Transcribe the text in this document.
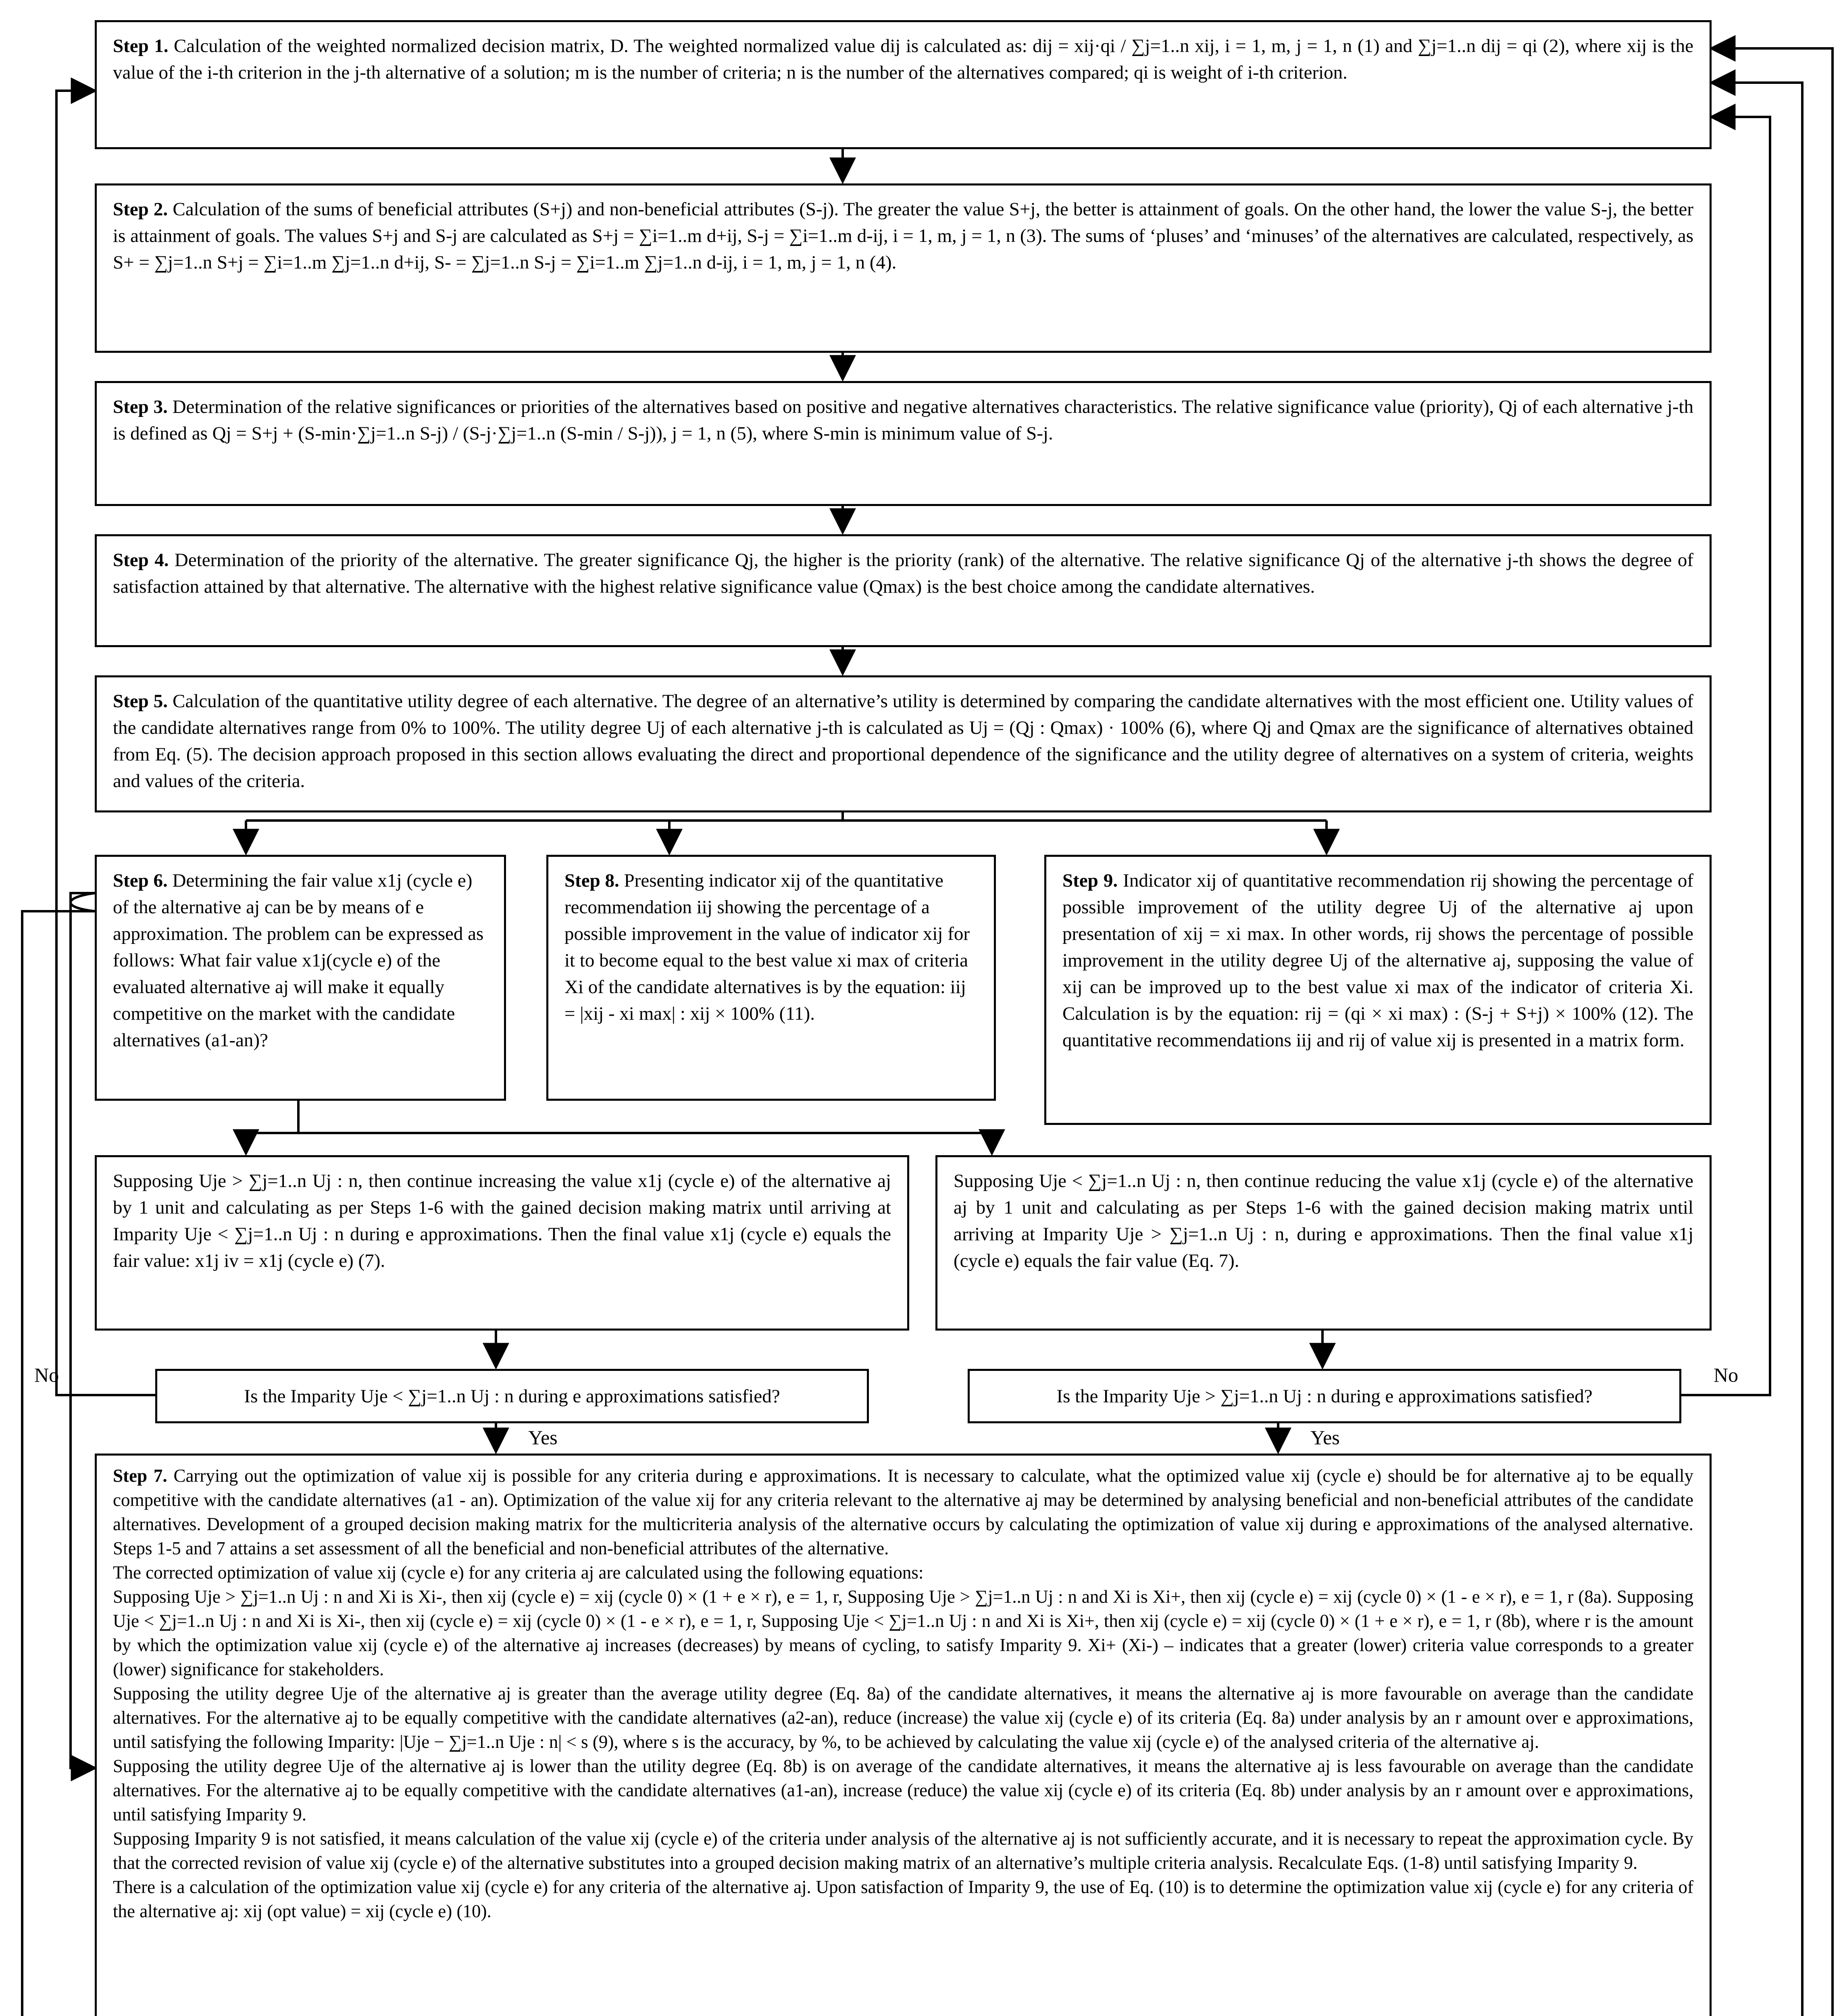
Step 1. Calculation of the weighted normalized decision matrix, D. The weighted normalized value dij is calculated as: dij = xij·qi / ∑j=1..n xij, i = 1, m, j = 1, n (1) and ∑j=1..n dij = qi (2), where xij is the value of the i-th criterion in the j-th alternative of a solution; m is the number of criteria; n is the number of the alternatives compared; qi is weight of i-th criterion.
Step 2. Calculation of the sums of beneficial attributes (S+j) and non-beneficial attributes (S-j). The greater the value S+j, the better is attainment of goals. On the other hand, the lower the value S-j, the better is attainment of goals. The values S+j and S-j are calculated as S+j = ∑i=1..m d+ij, S-j = ∑i=1..m d-ij, i = 1, m, j = 1, n (3). The sums of ‘pluses’ and ‘minuses’ of the alternatives are calculated, respectively, as S+ = ∑j=1..n S+j = ∑i=1..m ∑j=1..n d+ij, S- = ∑j=1..n S-j = ∑i=1..m ∑j=1..n d-ij, i = 1, m, j = 1, n (4).
Step 3. Determination of the relative significances or priorities of the alternatives based on positive and negative alternatives characteristics. The relative significance value (priority), Qj of each alternative j-th is defined as Qj = S+j + (S-min·∑j=1..n S-j) / (S-j·∑j=1..n (S-min / S-j)), j = 1, n (5), where S-min is minimum value of S-j.
Step 4. Determination of the priority of the alternative. The greater significance Qj, the higher is the priority (rank) of the alternative. The relative significance Qj of the alternative j-th shows the degree of satisfaction attained by that alternative. The alternative with the highest relative significance value (Qmax) is the best choice among the candidate alternatives.
Step 5. Calculation of the quantitative utility degree of each alternative. The degree of an alternative’s utility is determined by comparing the candidate alternatives with the most efficient one. Utility values of the candidate alternatives range from 0% to 100%. The utility degree Uj of each alternative j-th is calculated as Uj = (Qj : Qmax) · 100% (6), where Qj and Qmax are the significance of alternatives obtained from Eq. (5). The decision approach proposed in this section allows evaluating the direct and proportional dependence of the significance and the utility degree of alternatives on a system of criteria, weights and values of the criteria.
Step 6. Determining the fair value x1j (cycle e) of the alternative aj can be by means of e approximation. The problem can be expressed as follows: What fair value x1j(cycle e) of the evaluated alternative aj will make it equally competitive on the market with the candidate alternatives (a1-an)?
Step 8. Presenting indicator xij of the quantitative recommendation iij showing the percentage of a possible improvement in the value of indicator xij for it to become equal to the best value xi max of criteria Xi of the candidate alternatives is by the equation: iij = |xij - xi max| : xij × 100% (11).
Step 9. Indicator xij of quantitative recommendation rij showing the percentage of possible improvement of the utility degree Uj of the alternative aj upon presentation of xij = xi max. In other words, rij shows the percentage of possible improvement in the utility degree Uj of the alternative aj, supposing the value of xij can be improved up to the best value xi max of the indicator of criteria Xi. Calculation is by the equation: rij = (qi × xi max) : (S-j + S+j) × 100% (12). The quantitative recommendations iij and rij of value xij is presented in a matrix form.
Supposing Uje > ∑j=1..n Uj : n, then continue increasing the value x1j (cycle e) of the alternative aj by 1 unit and calculating as per Steps 1-6 with the gained decision making matrix until arriving at Imparity Uje < ∑j=1..n Uj : n during e approximations. Then the final value x1j (cycle e) equals the fair value: x1j iv = x1j (cycle e) (7).
Supposing Uje < ∑j=1..n Uj : n, then continue reducing the value x1j (cycle e) of the alternative aj by 1 unit and calculating as per Steps 1-6 with the gained decision making matrix until arriving at Imparity Uje > ∑j=1..n Uj : n, during e approximations. Then the final value x1j (cycle e) equals the fair value (Eq. 7).
Is the Imparity Uje < ∑j=1..n Uj : n during e approximations satisfied?	Is the Imparity Uje > ∑j=1..n Uj : n during e approximations satisfied?
No
Yes	Yes
No
Step 7. Carrying out the optimization of value xij is possible for any criteria during e approximations. It is necessary to calculate, what the optimized value xij (cycle e) should be for alternative aj to be equally competitive with the candidate alternatives (a1 - an). Optimization of the value xij for any criteria relevant to the alternative aj may be determined by analysing beneficial and non-beneficial attributes of the candidate alternatives. Development of a grouped decision making matrix for the multicriteria analysis of the alternative occurs by calculating the optimization of value xij during e approximations of the analysed alternative. Steps 1-5 and 7 attains a set assessment of all the beneficial and non-beneficial attributes of the alternative.
The corrected optimization of value xij (cycle e) for any criteria aj are calculated using the following equations:
Supposing Uje > ∑j=1..n Uj : n and Xi is Xi-, then xij (cycle e) = xij (cycle 0) × (1 + e × r), e = 1, r, Supposing Uje > ∑j=1..n Uj : n and Xi is Xi+, then xij (cycle e) = xij (cycle 0) × (1 - e × r), e = 1, r (8a). Supposing Uje < ∑j=1..n Uj : n and Xi is Xi-, then xij (cycle e) = xij (cycle 0) × (1 - e × r), e = 1, r, Supposing Uje < ∑j=1..n Uj : n and Xi is Xi+, then xij (cycle e) = xij (cycle 0) × (1 + e × r), e = 1, r (8b), where r is the amount by which the optimization value xij (cycle e) of the alternative aj increases (decreases) by means of cycling, to satisfy Imparity 9. Xi+ (Xi-) – indicates that a greater (lower) criteria value corresponds to a greater (lower) significance for stakeholders.
Supposing the utility degree Uje of the alternative aj is greater than the average utility degree (Eq. 8a) of the candidate alternatives, it means the alternative aj is more favourable on average than the candidate alternatives. For the alternative aj to be equally competitive with the candidate alternatives (a2-an), reduce (increase) the value xij (cycle e) of its criteria (Eq. 8a) under analysis by an r amount over e approximations, until satisfying the following Imparity: |Uje − ∑j=1..n Uje : n| < s (9), where s is the accuracy, by %, to be achieved by calculating the value xij (cycle e) of the analysed criteria of the alternative aj.
Supposing the utility degree Uje of the alternative aj is lower than the utility degree (Eq. 8b) is on average of the candidate alternatives, it means the alternative aj is less favourable on average than the candidate alternatives. For the alternative aj to be equally competitive with the candidate alternatives (a1-an), increase (reduce) the value xij (cycle e) of its criteria (Eq. 8b) under analysis by an r amount over e approximations, until satisfying Imparity 9.
Supposing Imparity 9 is not satisfied, it means calculation of the value xij (cycle e) of the criteria under analysis of the alternative aj is not sufficiently accurate, and it is necessary to repeat the approximation cycle. By that the corrected revision of value xij (cycle e) of the alternative substitutes into a grouped decision making matrix of an alternative’s multiple criteria analysis. Recalculate Eqs. (1-8) until satisfying Imparity 9.
There is a calculation of the optimization value xij (cycle e) for any criteria of the alternative aj. Upon satisfaction of Imparity 9, the use of Eq. (10) is to determine the optimization value xij (cycle e) for any criteria of the alternative aj: xij (opt value) = xij (cycle e) (10).
